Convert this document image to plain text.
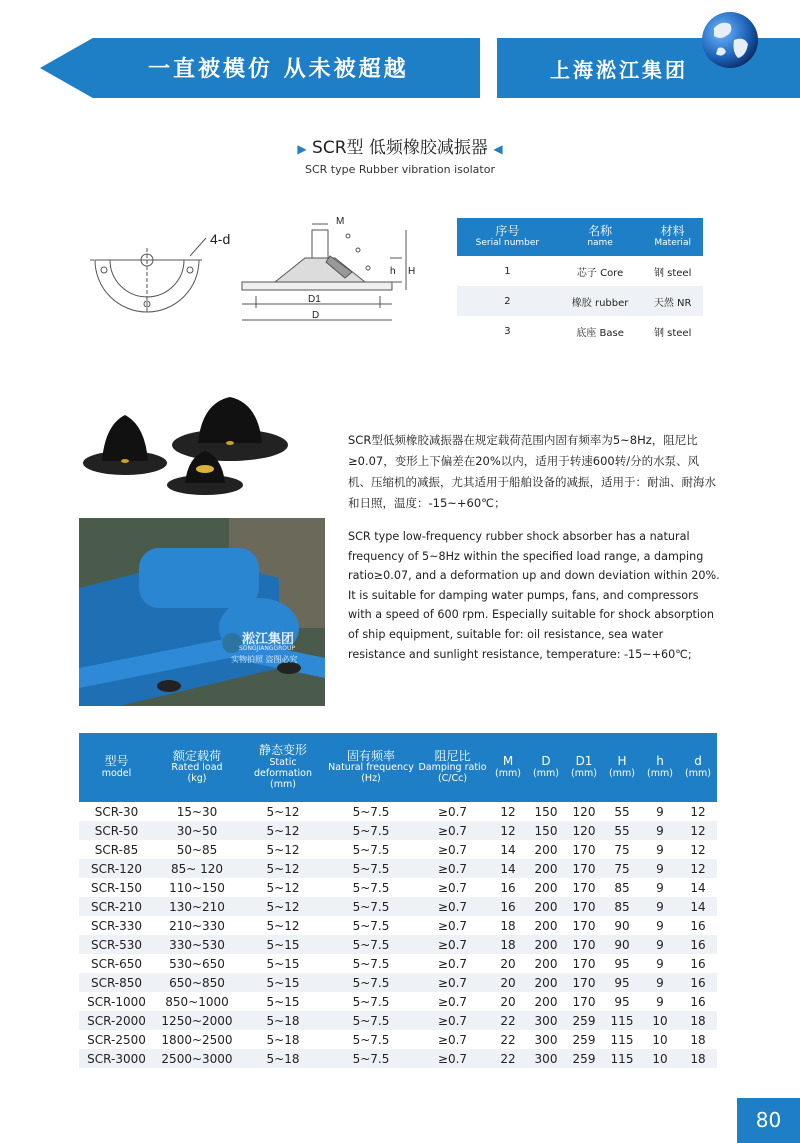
一直被模仿 从未被超越	上海淞江集团
▶ SCR型 低频橡胶减振器 ◀
SCR type Rubber vibration isolator
4-d
M
h H
D1
D
序号
Serial number	名称
name	材料
Material

1	芯子 Core	钢 steel
2	橡胶 rubber	天然 NR
3	底座 Base	钢 steel
淞江集团
SONGJIANGGROUP
实物拍照 盗图必究
SCR型低频橡胶减振器在规定载荷范围内固有频率为5~8Hz，阻尼比≥0.07，变形上下偏差在20%以内，适用于转速600转/分的水泵、风机、压缩机的减振，尤其适用于船舶设备的减振，适用于：耐油、耐海水和日照，温度：-15~+60℃；
SCR type low-frequency rubber shock absorber has a natural frequency of 5~8Hz within the specified load range, a damping ratio≥0.07, and a deformation up and down deviation within 20%. It is suitable for damping water pumps, fans, and compressors with a speed of 600 rpm. Especially suitable for shock absorption of ship equipment, suitable for: oil resistance, sea water resistance and sunlight resistance, temperature: -15~+60℃;
型号
model	额定载荷
Rated load
(kg)	静态变形
Static deformation
(mm)	固有频率
Natural frequency
(Hz)	阻尼比
Damping ratio
(C/Cc)	M
(mm)	D
(mm)	D1
(mm)	H
(mm)	h
(mm)	d
(mm)

SCR-30	15~30	5~12	5~7.5	≥0.7	12	150	120	55	9	12
SCR-50	30~50	5~12	5~7.5	≥0.7	12	150	120	55	9	12
SCR-85	50~85	5~12	5~7.5	≥0.7	14	200	170	75	9	12
SCR-120	85~ 120	5~12	5~7.5	≥0.7	14	200	170	75	9	12
SCR-150	110~150	5~12	5~7.5	≥0.7	16	200	170	85	9	14
SCR-210	130~210	5~12	5~7.5	≥0.7	16	200	170	85	9	14
SCR-330	210~330	5~12	5~7.5	≥0.7	18	200	170	90	9	16
SCR-530	330~530	5~15	5~7.5	≥0.7	18	200	170	90	9	16
SCR-650	530~650	5~15	5~7.5	≥0.7	20	200	170	95	9	16
SCR-850	650~850	5~15	5~7.5	≥0.7	20	200	170	95	9	16
SCR-1000	850~1000	5~15	5~7.5	≥0.7	20	200	170	95	9	16
SCR-2000	1250~2000	5~18	5~7.5	≥0.7	22	300	259	115	10	18
SCR-2500	1800~2500	5~18	5~7.5	≥0.7	22	300	259	115	10	18
SCR-3000	2500~3000	5~18	5~7.5	≥0.7	22	300	259	115	10	18
80
